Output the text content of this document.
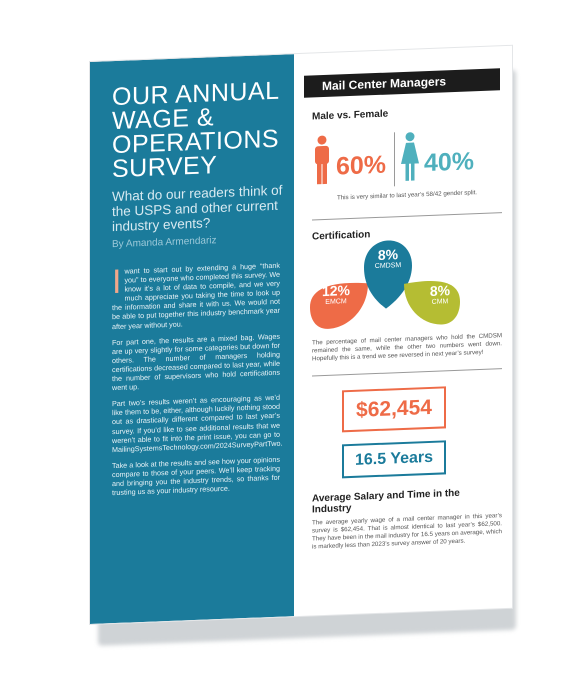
OUR ANNUAL WAGE & OPERATIONS SURVEY

What do our readers think of the USPS and other current industry events?

By Amanda Armendariz

Iwant to start out by extending a huge “thank you” to everyone who completed this survey. We know it’s a lot of data to compile, and we very much appreciate you taking the time to look up the information and share it with us. We would not be able to put together this industry benchmark year after year without you.

For part one, the results are a mixed bag. Wages are up very slightly for some categories but down for others. The number of managers holding certifications decreased compared to last year, while the number of supervisors who hold certifications went up.

Part two’s results weren’t as encouraging as we’d like them to be, either, although luckily nothing stood out as drastically different compared to last year’s survey. If you’d like to see additional results that we weren’t able to fit into the print issue, you can go to MailingSystemsTechnology.com/2024SurveyPartTwo.

Take a look at the results and see how your opinions compare to those of your peers. We’ll keep tracking and bringing you the industry trends, so thanks for trusting us as your industry resource.

Mail Center Managers
Male vs. Female
60% 40%
This is very similar to last year’s 58/42 gender split.
Certification
12%
EMCM
8%
CMDSM
8%
CMM
The percentage of mail center managers who hold the CMDSM remained the same, while the other two numbers went down. Hopefully this is a trend we see reversed in next year’s survey!
$62,454
16.5 Years
Average Salary and Time in the Industry
The average yearly wage of a mail center manager in this year’s survey is $62,454. That is almost identical to last year’s $62,500. They have been in the mail industry for 16.5 years on average, which is markedly less than 2023’s survey answer of 20 years.
